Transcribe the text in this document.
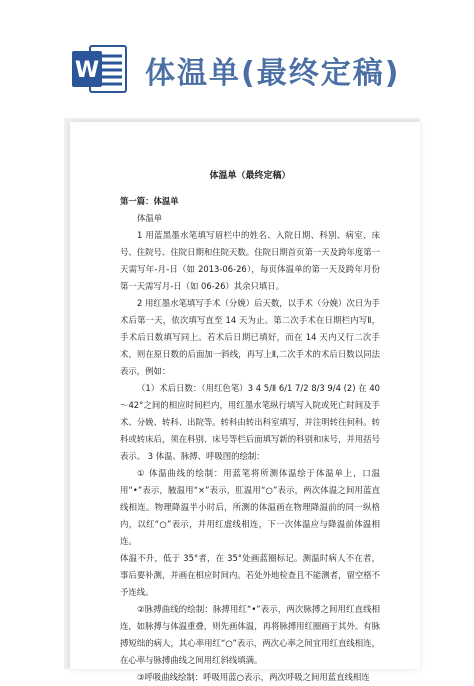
W 体温单(最终定稿)
体温单（最终定稿）

第一篇：体温单

体温单

1 用蓝黑墨水笔填写眉栏中的姓名、入院日期、科别、病室、床号、住院号、住院日期和住院天数。住院日期首页第一天及跨年度第一天需写年-月-日（如 2013-06-26），每页体温单的第一天及跨年月份第一天需写月-日（如 06-26）其余只填日。

2 用红墨水笔填写手术（分娩）后天数，以手术（分娩）次日为手术后第一天，依次填写直至 14 天为止。第二次手术在日期栏内写Ⅱ，手术后日数填写同上。若术后日期已填好，而在 14 天内又行二次手术，则在原日数的后面加一斜线，再写上Ⅱ,二次手术的术后日数以同法表示，例如：

（1）术后日数：（用红色笔）3 4 5/Ⅱ 6/1 7/2 8/3 9/4 (2) 在 40～42°之间的相应时间栏内，用红墨水笔纵行填写入院或死亡时间及手术、分娩、转科、出院等。转科由转出科室填写，并注明转往何科。转科或转床后，须在科别、床号等栏后面填写新的科别和床号，并用括号表示。 3 体温、脉搏、呼吸图的绘制：

① 体温曲线的绘制：用蓝笔将所测体温绘于体温单上，口温用“•”表示，腋温用“×”表示，肛温用“○”表示，两次体温之间用蓝直线相连。物理降温半小时后，所测的体温画在物理降温前的同一纵格内，以红“○”表示，并用红虚线相连，下一次体温应与降温前体温相连。

体温不升，低于 35°者，在 35°处画蓝圈标记。测温时病人不在者，事后要补测，并画在相应时间内。若处外地检查且不能测者，留空格不予连线。

②脉搏曲线的绘制：脉搏用红“•”表示，两次脉搏之间用红直线相连，如脉搏与体温重叠，则先画体温，再将脉搏用红圈画于其外。有脉搏短绌的病人，其心率用红“○”表示，两次心率之间宜用红直线相连，在心率与脉搏曲线之间用红斜线填满。

③呼吸曲线绘制：呼吸用蓝○表示，两次呼吸之间用蓝直线相连
